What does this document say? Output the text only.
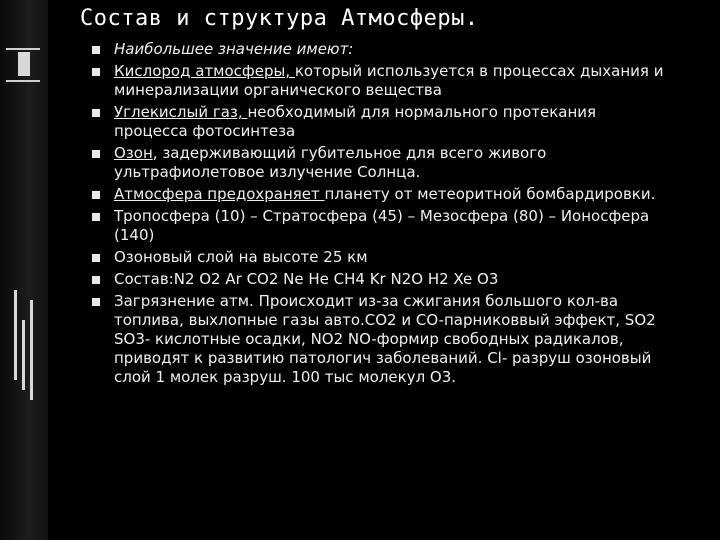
Состав и структура Атмосферы.
Наибольшее значение имеют:
Кислород атмосферы, который используется в процессах дыхания и минерализации органического вещества
Углекислый газ, необходимый для нормального протекания процесса фотосинтеза
Озон, задерживающий губительное для всего живого ультрафиолетовое излучение Солнца.
Атмосфера предохраняет планету от метеоритной бомбардировки.
Тропосфера (10) – Стратосфера (45) – Мезосфера (80) – Ионосфера (140)
Озоновый слой на высоте 25 км
Состав:N2 O2 Ar CO2 Ne He CH4 Kr N2O H2 Xe O3
Загрязнение атм. Происходит из-за сжигания большого кол-ва топлива, выхлопные газы авто.CO2 и CO-парниковвый эффект, SO2 SO3- кислотные осадки, NO2 NO-формир свободных радикалов, приводят к развитию патологич заболеваний. Cl- разруш озоновый слой 1 молек разруш. 100 тыс молекул O3.
